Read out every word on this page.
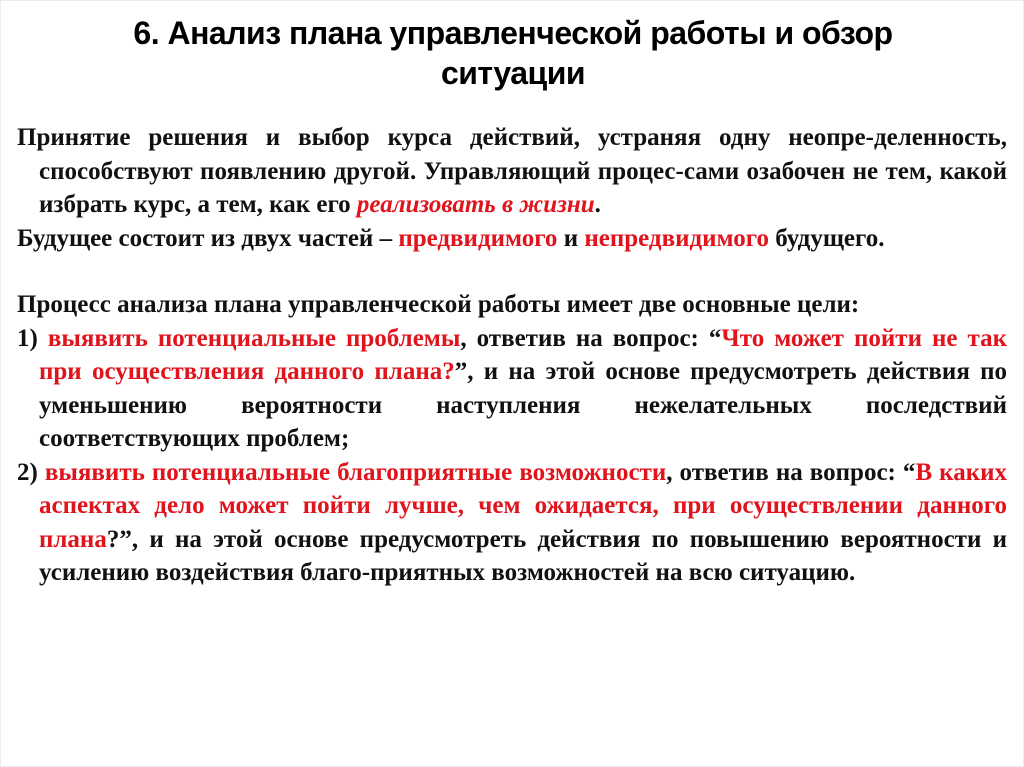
6. Анализ плана управленческой работы и обзор
ситуации

Принятие решения и выбор курса действий, устраняя одну неопре-деленность, способствуют появлению другой. Управляющий процес-сами озабочен не тем, какой избрать курс, а тем, как его реализовать в жизни.

Будущее состоит из двух частей – предвидимого и непредвидимого будущего.

Процесс анализа плана управленческой работы имеет две основные цели:

1) выявить потенциальные проблемы, ответив на вопрос: “Что может пойти не так при осуществления данного плана?”, и на этой основе предусмотреть действия по уменьшению вероятности наступления нежелательных последствий соответствующих проблем;

2) выявить потенциальные благоприятные возможности, ответив на вопрос: “В каких аспектах дело может пойти лучше, чем ожидается, при осуществлении данного плана?”, и на этой основе предусмотреть действия по повышению вероятности и усилению воздействия благо-приятных возможностей на всю ситуацию.
